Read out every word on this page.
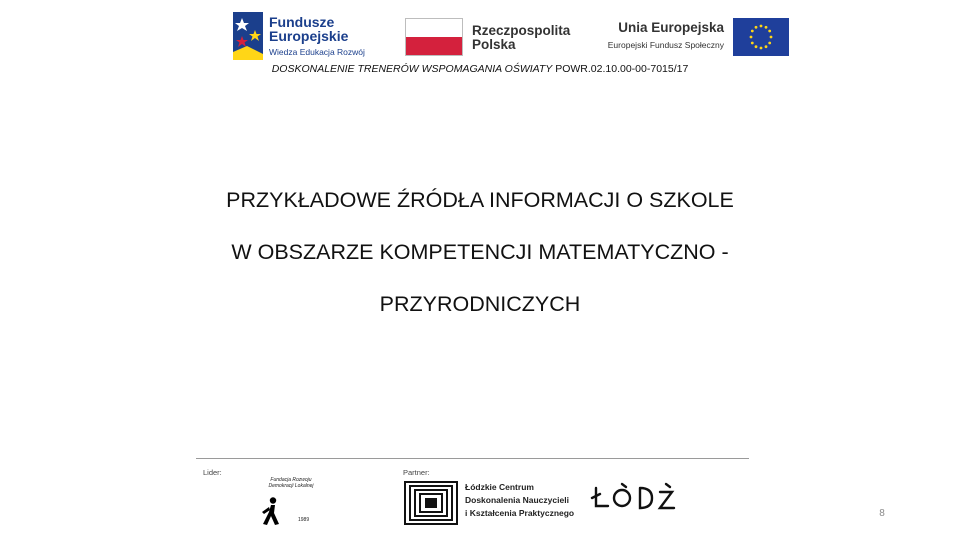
Fundusze
Europejskie
Wiedza Edukacja Rozwój
Rzeczpospolita
Polska
Unia Europejska
Europejski Fundusz Społeczny
DOSKONALENIE TRENERÓW WSPOMAGANIA OŚWIATY POWR.02.10.00-00-7015/17
PRZYKŁADOWE ŹRÓDŁA INFORMACJI O SZKOLE
W OBSZARZE KOMPETENCJI MATEMATYCZNO -
PRZYRODNICZYCH
Lider:	Partner:
Fundacja Rozwoju Demokracji Lokalnej
1989
Łódzkie Centrum
Doskonalenia Nauczycieli
i Kształcenia Praktycznego	8
